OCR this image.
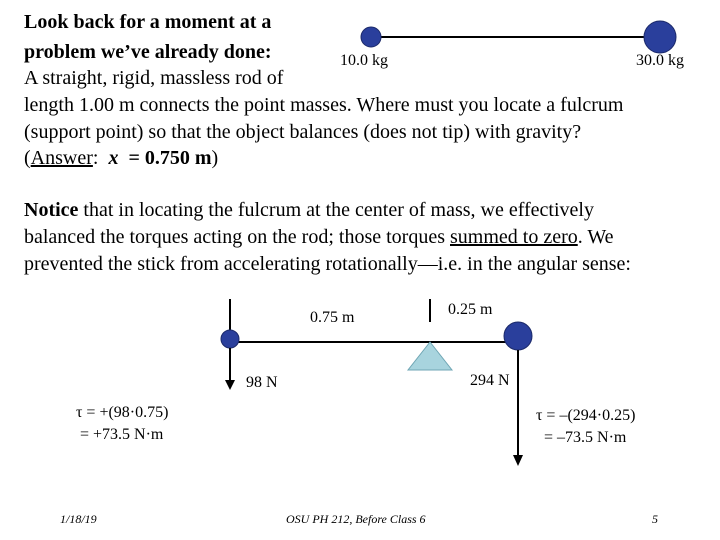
Look back for a moment at a
problem we’ve already done:
A straight, rigid, massless rod of
length 1.00 m connects the point masses. Where must you locate a fulcrum
(support point) so that the object balances (does not tip) with gravity?
(Answer: x = 0.750 m)
10.0 kg	30.0 kg
Notice that in locating the fulcrum at the center of mass, we effectively
balanced the torques acting on the rod; those torques summed to zero. We
prevented the stick from accelerating rotationally—i.e. in the angular sense:
0.75 m	0.25 m
98 N	294 N
τ = +(98·0.75)
= +73.5 N·m
τ = –(294·0.25)
= –73.5 N·m
1/18/19	OSU PH 212, Before Class 6	5
